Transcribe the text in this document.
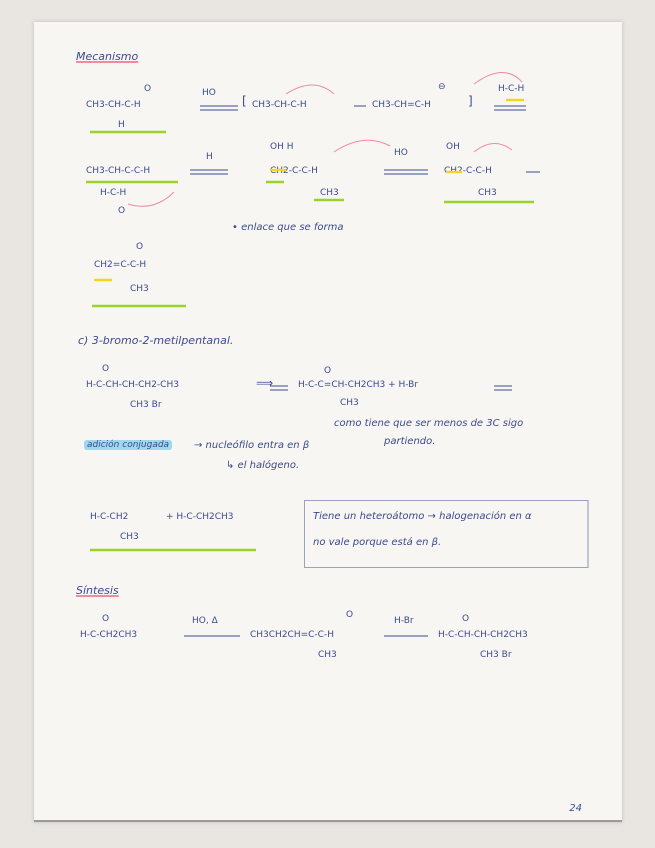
Mecanismo
O
CH3-CH-C-H
H
HO
[ CH3-CH-C-H	CH3-CH=C-H
⊖
]
H-C-H
CH3-CH-C-C-H
H-C-H
O
H
OH H
CH2-C-C-H
CH3
HO
OH
CH2-C-C-H
CH3
• enlace que se forma
O
CH2=C-C-H
CH3
c) 3-bromo-2-metilpentanal.
O
H-C-CH-CH-CH2-CH3
CH3 Br
⟹
O
H-C-C=CH-CH2CH3 + H-Br
CH3
como tiene que ser menos de 3C sigo
partiendo.
adición conjugada	→ nucleófilo entra en β
↳ el halógeno.
H-C-CH2
CH3
+ H-C-CH2CH3	Tiene un heteroátomo → halogenación en α
no vale porque está en β.
Síntesis
O
H-C-CH2CH3
HO, Δ
O
CH3CH2CH=C-C-H
CH3
H-Br	O
H-C-CH-CH-CH2CH3
CH3 Br
24
